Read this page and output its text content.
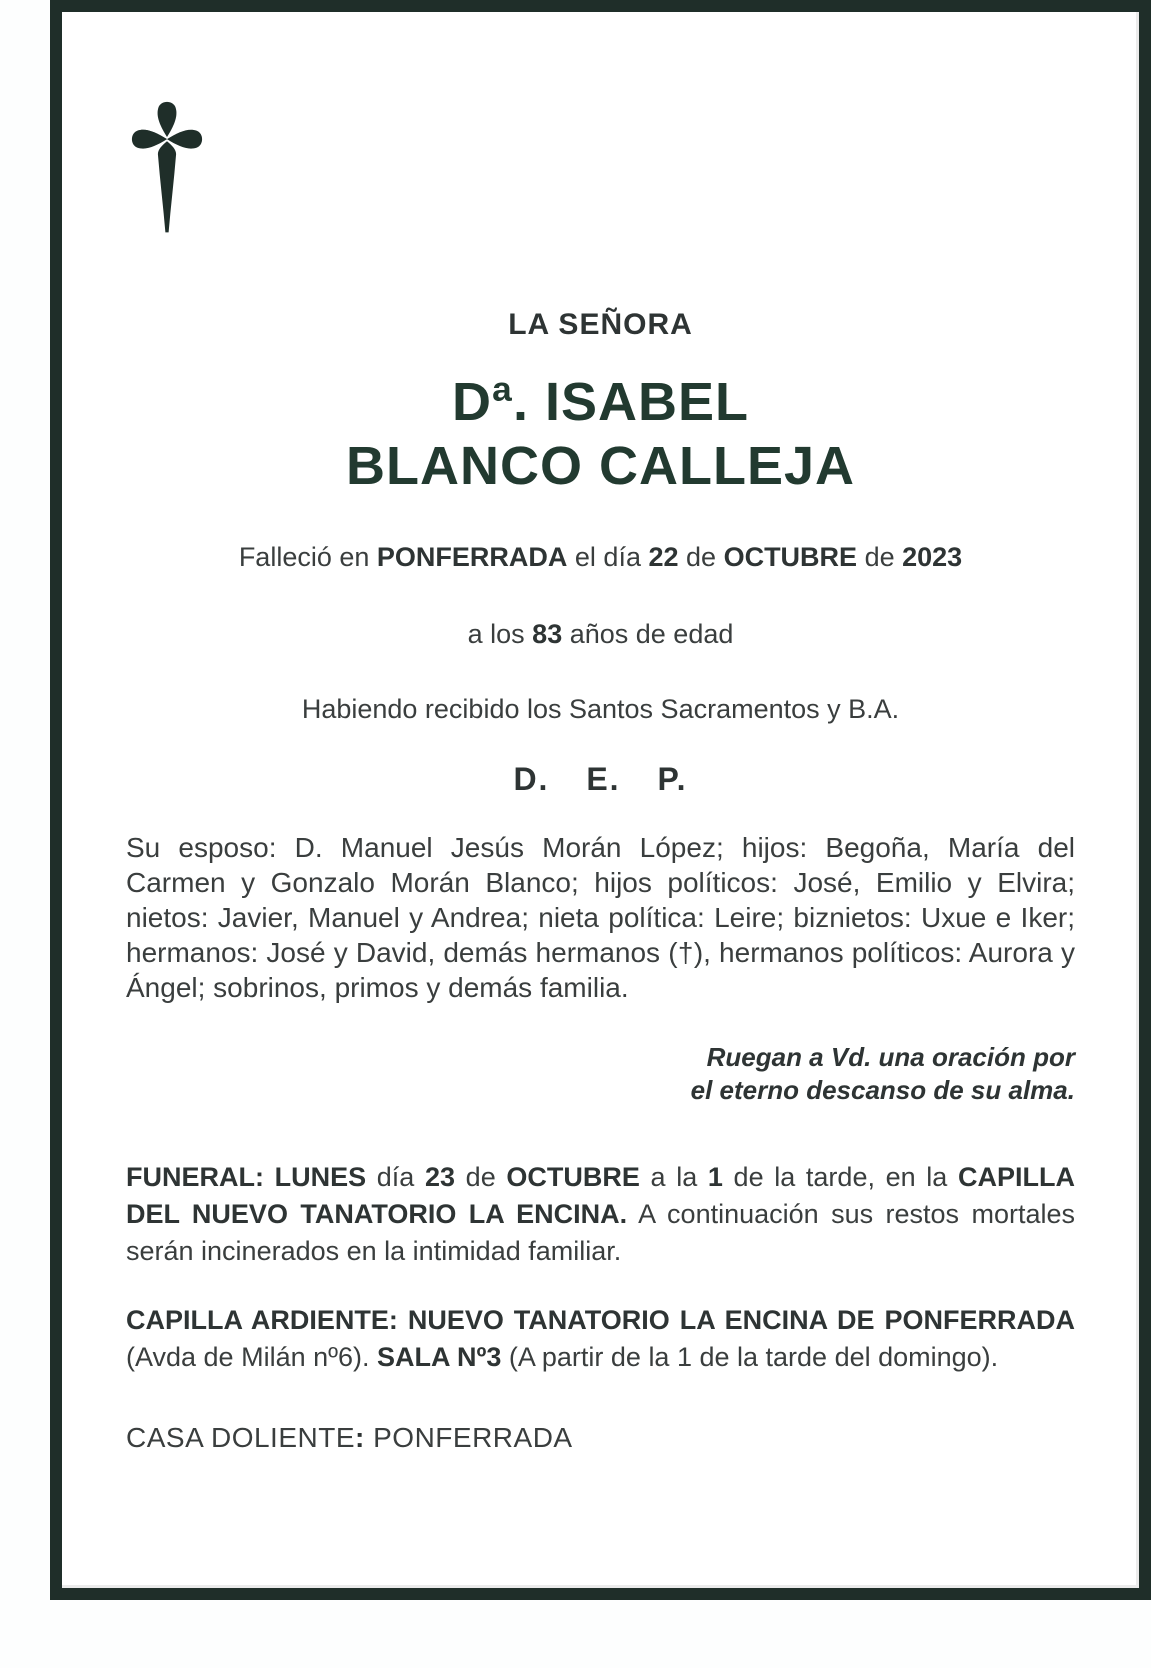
LA SEÑORA
Dª. ISABEL
BLANCO CALLEJA
Falleció en PONFERRADA el día 22 de OCTUBRE de 2023
a los 83 años de edad
Habiendo recibido los Santos Sacramentos y B.A.
D. E. P.
Su esposo: D. Manuel Jesús Morán López; hijos: Begoña, María del Carmen y Gonzalo Morán Blanco; hijos políticos: José, Emilio y Elvira; nietos: Javier, Manuel y Andrea; nieta política: Leire; biznietos: Uxue e Iker; hermanos: José y David, demás hermanos (†), hermanos políticos: Aurora y Ángel; sobrinos, primos y demás familia.
Ruegan a Vd. una oración por
el eterno descanso de su alma.
FUNERAL: LUNES día 23 de OCTUBRE a la 1 de la tarde, en la CAPILLA DEL NUEVO TANATORIO LA ENCINA. A continuación sus restos mortales serán incinerados en la intimidad familiar.
CAPILLA ARDIENTE: NUEVO TANATORIO LA ENCINA DE PONFERRADA (Avda de Milán nº6). SALA Nº3 (A partir de la 1 de la tarde del domingo).
CASA DOLIENTE: PONFERRADA
